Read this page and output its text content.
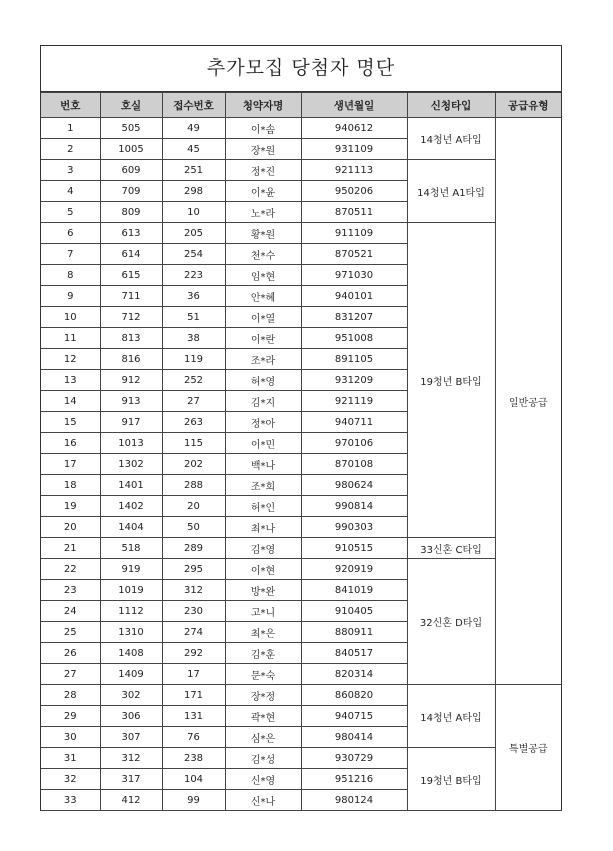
추가모집 당첨자 명단
번호	호실	접수번호	청약자명	생년월일	신청타입	공급유형
1	505	49	이*솜	940612	14청년 A타입	일반공급
2	1005	45	장*원	931109		
3	609	251	정*진	921113	14청년 A1타입	
4	709	298	이*윤	950206		
5	809	10	노*라	870511		
6	613	205	황*원	911109	19청년 B타입	
7	614	254	천*수	870521		
8	615	223	임*현	971030		
9	711	36	안*혜	940101		
10	712	51	이*열	831207		
11	813	38	이*란	951008		
12	816	119	조*라	891105		
13	912	252	허*영	931209		
14	913	27	김*지	921119		
15	917	263	정*아	940711		
16	1013	115	이*민	970106		
17	1302	202	백*나	870108		
18	1401	288	조*희	980624		
19	1402	20	허*인	990814		
20	1404	50	최*나	990303		
21	518	289	김*영	910515	33신혼 C타입	
22	919	295	이*현	920919	32신혼 D타입	
23	1019	312	방*완	841019		
24	1112	230	고*니	910405		
25	1310	274	최*은	880911		
26	1408	292	김*훈	840517		
27	1409	17	문*숙	820314		
28	302	171	장*정	860820	14청년 A타입	특별공급
29	306	131	곽*현	940715		
30	307	76	심*은	980414		
31	312	238	김*성	930729	19청년 B타입	
32	317	104	신*영	951216		
33	412	99	신*나	980124		
